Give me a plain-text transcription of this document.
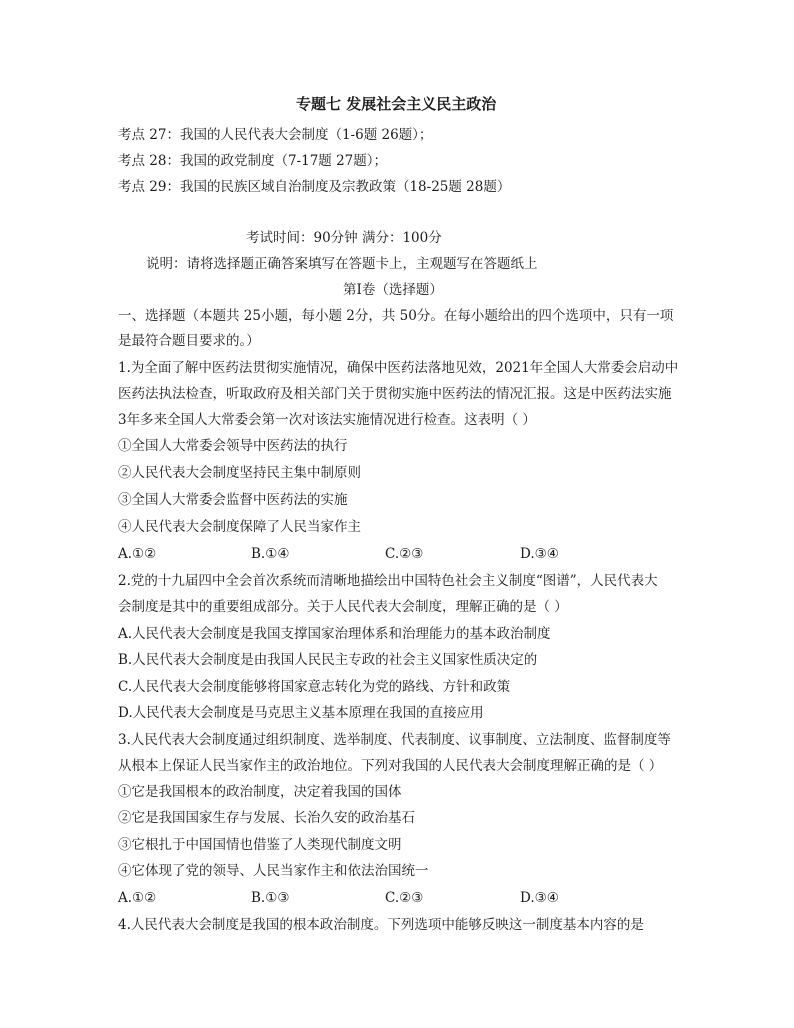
专题七 发展社会主义民主政治
考点 27：我国的人民代表大会制度（1-6题 26题）；
考点 28：我国的政党制度（7-17题 27题）；
考点 29：我国的民族区域自治制度及宗教政策（18-25题 28题）
考试时间：90分钟 满分：100分
说明：请将选择题正确答案填写在答题卡上，主观题写在答题纸上
第Ⅰ卷（选择题）
一、选择题（本题共 25小题，每小题 2分，共 50分。在每小题给出的四个选项中，只有一项
是最符合题目要求的。）
1.为全面了解中医药法贯彻实施情况，确保中医药法落地见效，2021年全国人大常委会启动中
医药法执法检查，听取政府及相关部门关于贯彻实施中医药法的情况汇报。这是中医药法实施
3年多来全国人大常委会第一次对该法实施情况进行检查。这表明（ ）
①全国人大常委会领导中医药法的执行
②人民代表大会制度坚持民主集中制原则
③全国人大常委会监督中医药法的实施
④人民代表大会制度保障了人民当家作主
A.①②	B.①④	C.②③	D.③④
2.党的十九届四中全会首次系统而清晰地描绘出中国特色社会主义制度“图谱”，人民代表大
会制度是其中的重要组成部分。关于人民代表大会制度，理解正确的是（ ）
A.人民代表大会制度是我国支撑国家治理体系和治理能力的基本政治制度
B.人民代表大会制度是由我国人民民主专政的社会主义国家性质决定的
C.人民代表大会制度能够将国家意志转化为党的路线、方针和政策
D.人民代表大会制度是马克思主义基本原理在我国的直接应用
3.人民代表大会制度通过组织制度、选举制度、代表制度、议事制度、立法制度、监督制度等
从根本上保证人民当家作主的政治地位。下列对我国的人民代表大会制度理解正确的是（ ）
①它是我国根本的政治制度，决定着我国的国体
②它是我国国家生存与发展、长治久安的政治基石
③它根扎于中国国情也借鉴了人类现代制度文明
④它体现了党的领导、人民当家作主和依法治国统一
A.①②	B.①③	C.②③	D.③④
4.人民代表大会制度是我国的根本政治制度。下列选项中能够反映这一制度基本内容的是
